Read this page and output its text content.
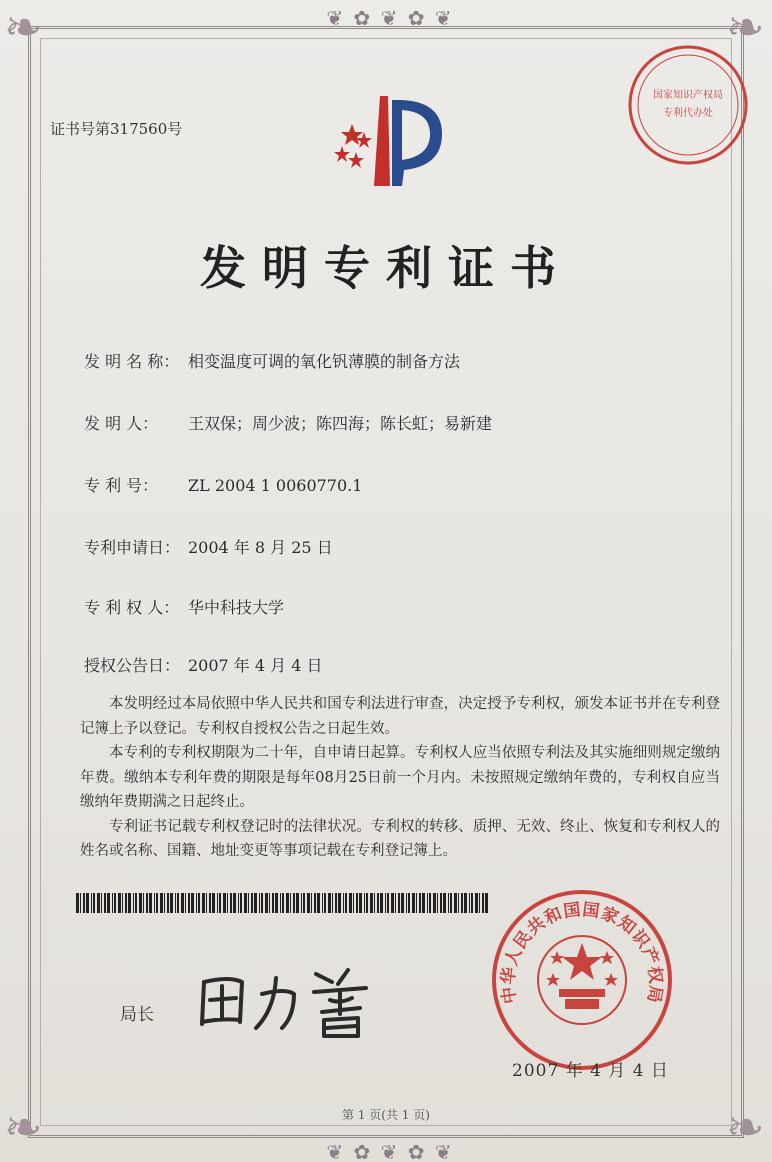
❦ ✿ ❦ ✿ ❦
❦ ✿ ❦ ✿ ❦
❧	❧
❧	❧
证书号第317560号
国家知识产权局
专利代办处
发明专利证书
发 明 名 称： 相变温度可调的氧化钒薄膜的制备方法
发 明 人： 王双保；周少波；陈四海；陈长虹；易新建
专 利 号： ZL 2004 1 0060770.1
专利申请日： 2004 年 8 月 25 日
专 利 权 人： 华中科技大学
授权公告日： 2007 年 4 月 4 日

本发明经过本局依照中华人民共和国专利法进行审查，决定授予专利权，颁发本证书并在专利登记簿上予以登记。专利权自授权公告之日起生效。

本专利的专利权期限为二十年，自申请日起算。专利权人应当依照专利法及其实施细则规定缴纳年费。缴纳本专利年费的期限是每年08月25日前一个月内。未按照规定缴纳年费的，专利权自应当缴纳年费期满之日起终止。

专利证书记载专利权登记时的法律状况。专利权的转移、质押、无效、终止、恢复和专利权人的姓名或名称、国籍、地址变更等事项记载在专利登记簿上。

局长
中华人民共和国国家知识产权局
2007 年 4 月 4 日
第 1 页(共 1 页)
